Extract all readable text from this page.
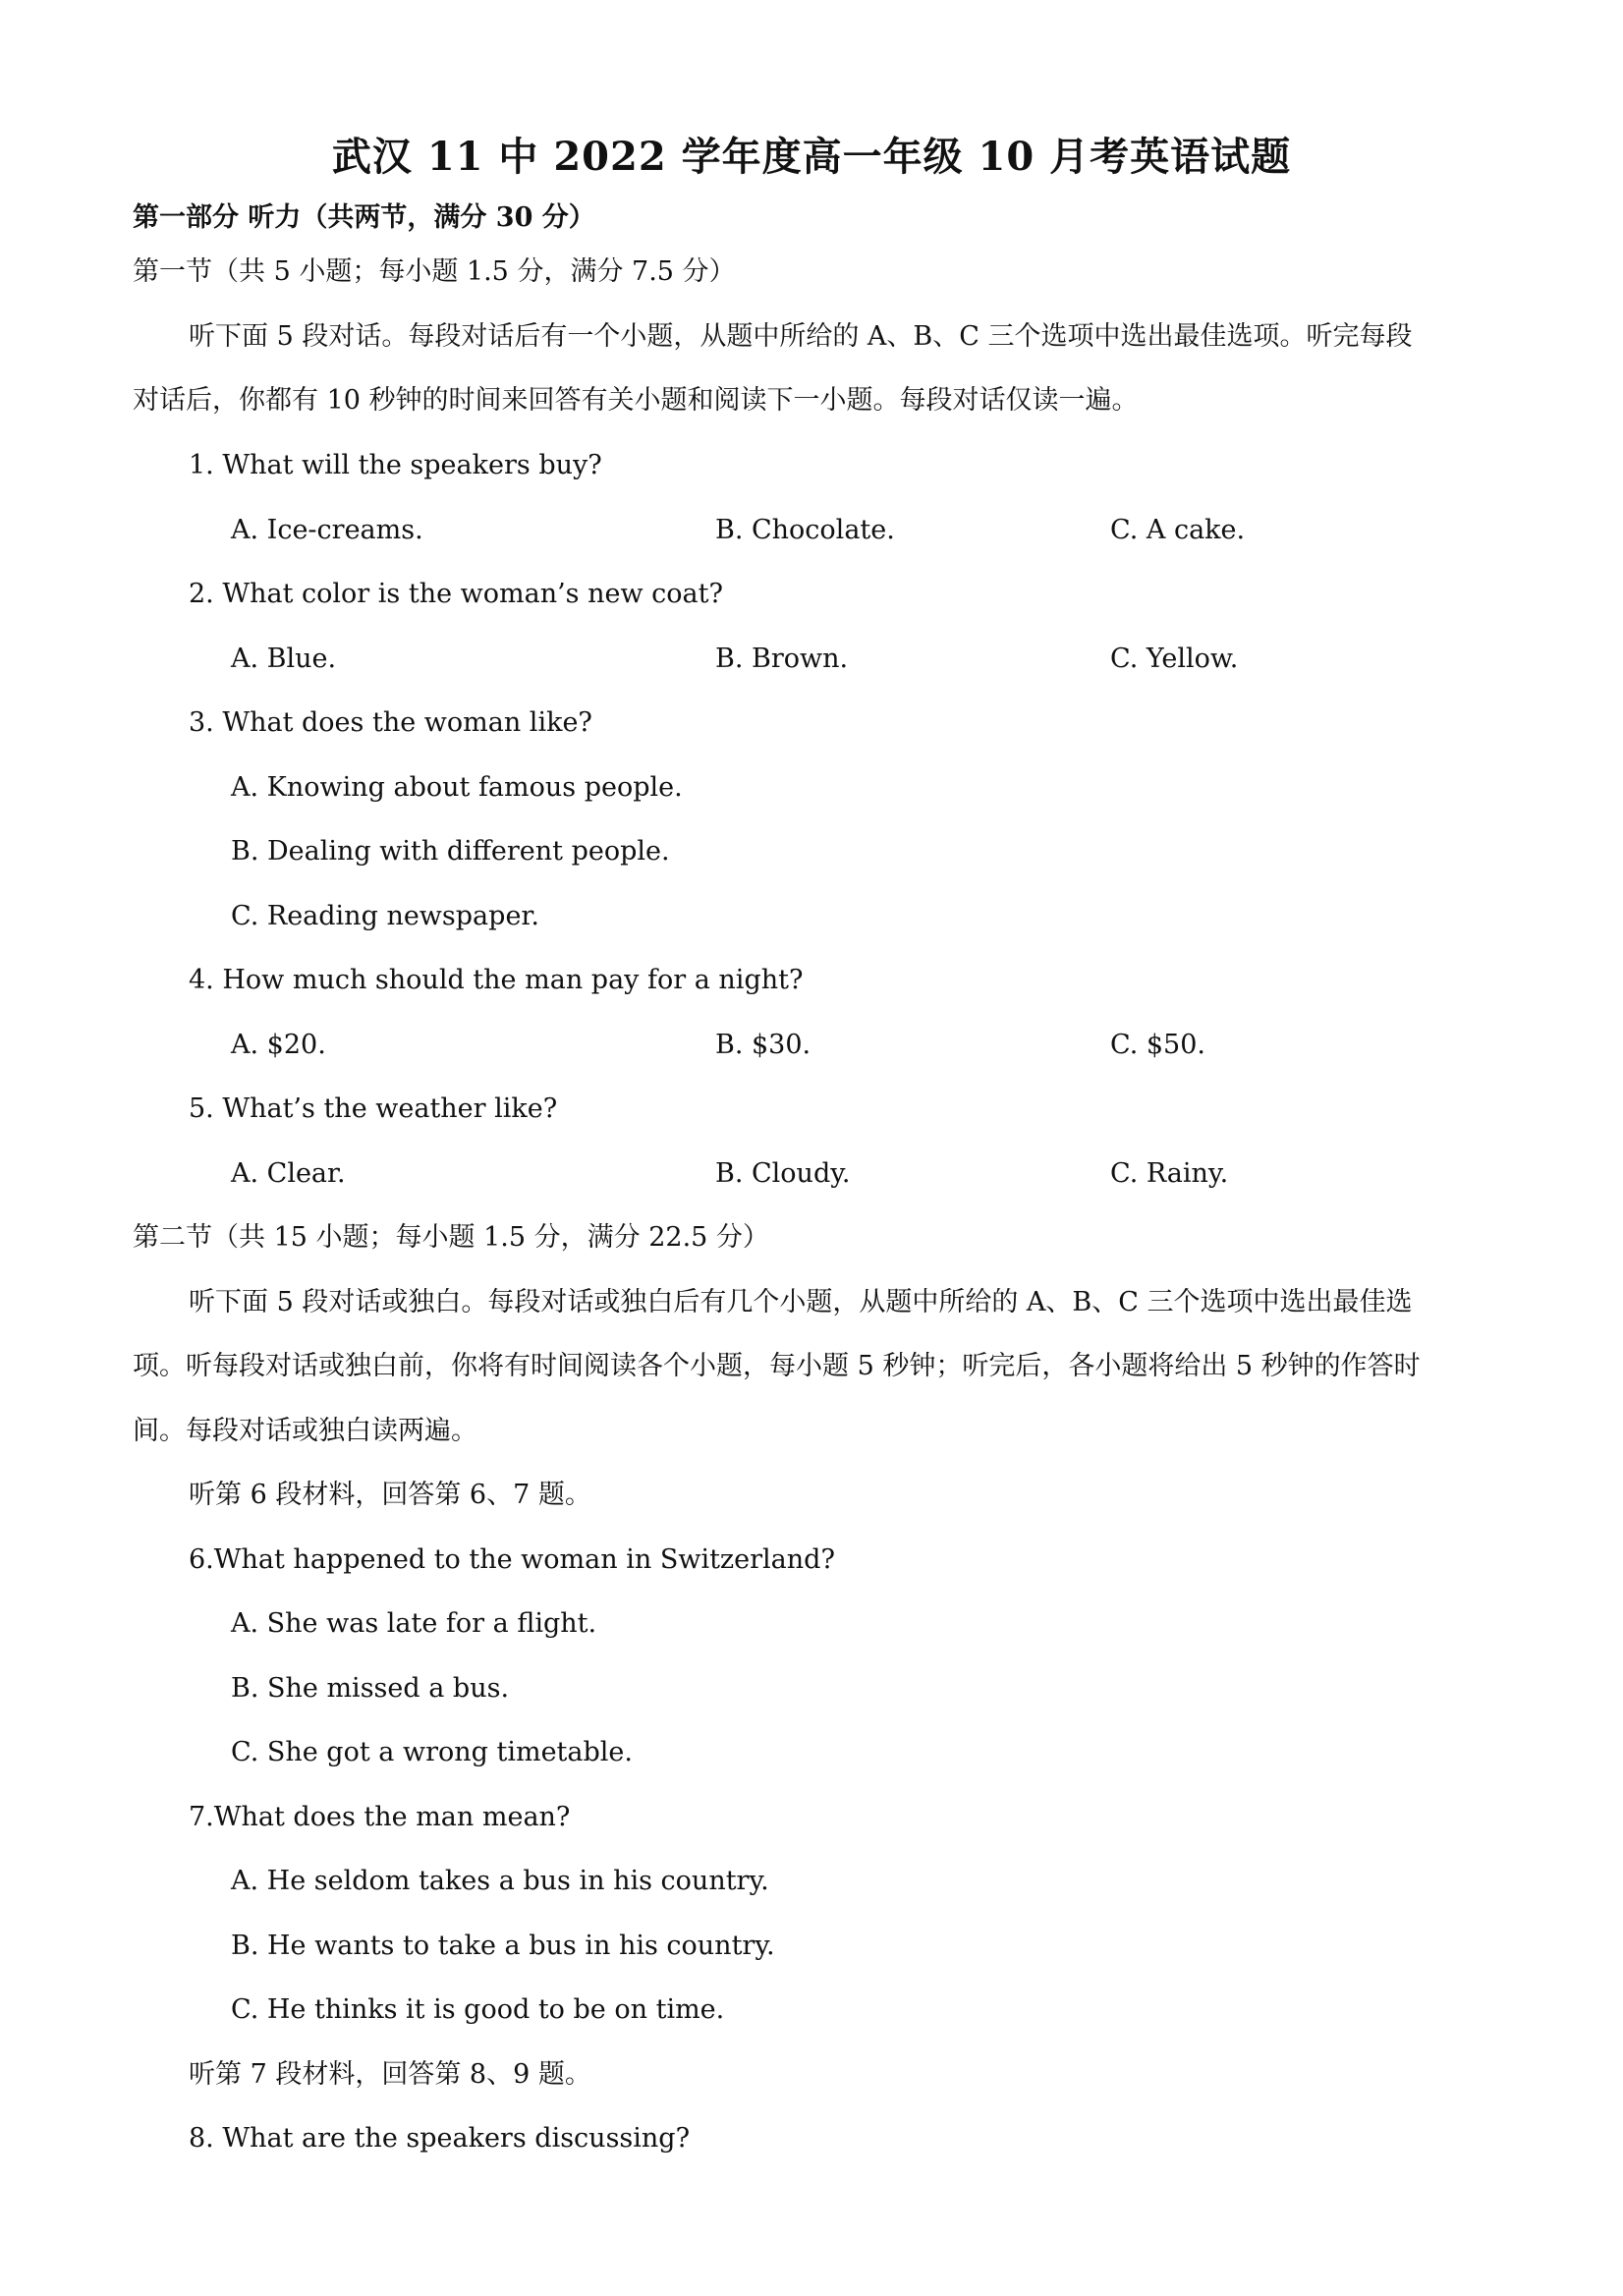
武汉 11 中 2022 学年度高一年级 10 月考英语试题
第一部分 听力（共两节，满分 30 分）
第一节（共 5 小题；每小题 1.5 分，满分 7.5 分）
听下面 5 段对话。每段对话后有一个小题，从题中所给的 A、B、C 三个选项中选出最佳选项。听完每段
对话后，你都有 10 秒钟的时间来回答有关小题和阅读下一小题。每段对话仅读一遍。
1. What will the speakers buy?
A. Ice-creams.	B. Chocolate.	C. A cake.
2. What color is the woman’s new coat?
A. Blue.	B. Brown.	C. Yellow.
3. What does the woman like?
A. Knowing about famous people.
B. Dealing with different people.
C. Reading newspaper.
4. How much should the man pay for a night?
A. $20.	B. $30.	C. $50.
5. What’s the weather like?
A. Clear.	B. Cloudy.	C. Rainy.
第二节（共 15 小题；每小题 1.5 分，满分 22.5 分）
听下面 5 段对话或独白。每段对话或独白后有几个小题，从题中所给的 A、B、C 三个选项中选出最佳选
项。听每段对话或独白前，你将有时间阅读各个小题，每小题 5 秒钟；听完后，各小题将给出 5 秒钟的作答时
间。每段对话或独白读两遍。
听第 6 段材料，回答第 6、7 题。
6.What happened to the woman in Switzerland?
A. She was late for a flight.
B. She missed a bus.
C. She got a wrong timetable.
7.What does the man mean?
A. He seldom takes a bus in his country.
B. He wants to take a bus in his country.
C. He thinks it is good to be on time.
听第 7 段材料，回答第 8、9 题。
8. What are the speakers discussing?
